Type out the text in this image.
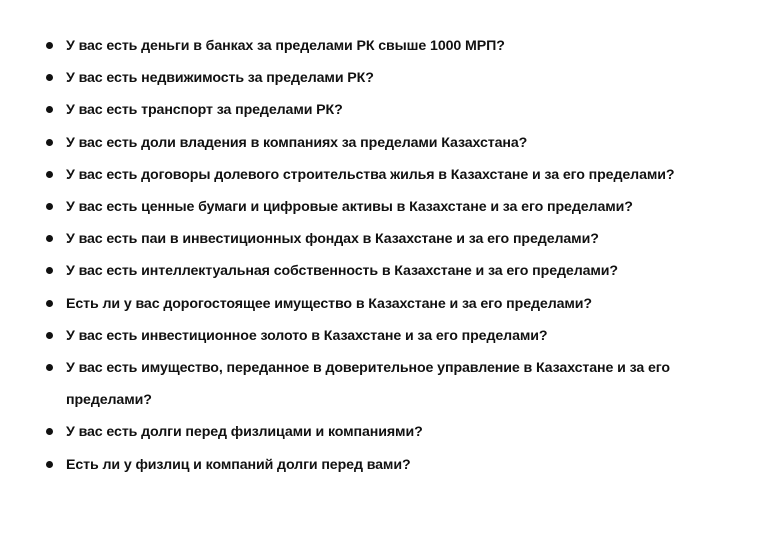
У вас есть деньги в банках за пределами РК свыше 1000 МРП?
У вас есть недвижимость за пределами РК?
У вас есть транспорт за пределами РК?
У вас есть доли владения в компаниях за пределами Казахстана?
У вас есть договоры долевого строительства жилья в Казахстане и за его пределами?
У вас есть ценные бумаги и цифровые активы в Казахстане и за его пределами?
У вас есть паи в инвестиционных фондах в Казахстане и за его пределами?
У вас есть интеллектуальная собственность в Казахстане и за его пределами?
Есть ли у вас дорогостоящее имущество в Казахстане и за его пределами?
У вас есть инвестиционное золото в Казахстане и за его пределами?
У вас есть имущество, переданное в доверительное управление в Казахстане и за его пределами?
У вас есть долги перед физлицами и компаниями?
Есть ли у физлиц и компаний долги перед вами?
